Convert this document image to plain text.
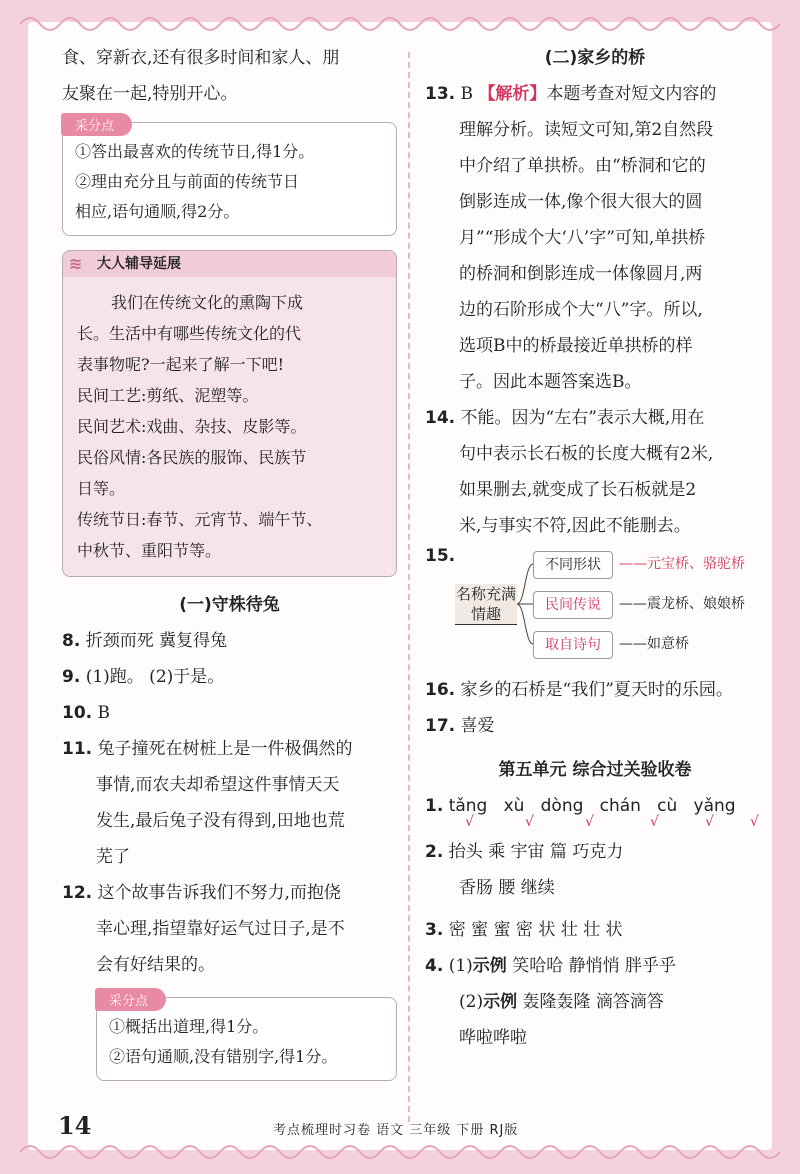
食、穿新衣,还有很多时间和家人、朋
友聚在一起,特别开心。
采分点
①答出最喜欢的传统节日,得1分。
②理由充分且与前面的传统节日
相应,语句通顺,得2分。
≋ 大人辅导延展
我们在传统文化的熏陶下成
长。生活中有哪些传统文化的代
表事物呢?一起来了解一下吧!
民间工艺:剪纸、泥塑等。
民间艺术:戏曲、杂技、皮影等。
民俗风情:各民族的服饰、民族节
日等。
传统节日:春节、元宵节、端午节、
中秋节、重阳节等。
(一)守株待兔
8. 折颈而死 冀复得兔
9. (1)跑。 (2)于是。
10. B
11. 兔子撞死在树桩上是一件极偶然的
事情,而农夫却希望这件事情天天
发生,最后兔子没有得到,田地也荒
芜了
12. 这个故事告诉我们不努力,而抱侥
幸心理,指望靠好运气过日子,是不
会有好结果的。
采分点
①概括出道理,得1分。
②语句通顺,没有错别字,得1分。
(二)家乡的桥
13. B 【解析】本题考查对短文内容的
理解分析。读短文可知,第2自然段
中介绍了单拱桥。由“桥洞和它的
倒影连成一体,像个很大很大的圆
月”“形成个大‘八’字”可知,单拱桥
的桥洞和倒影连成一体像圆月,两
边的石阶形成个大“八”字。所以,
选项B中的桥最接近单拱桥的样
子。因此本题答案选B。
14. 不能。因为“左右”表示大概,用在
句中表示长石板的长度大概有2米,
如果删去,就变成了长石板就是2
米,与事实不符,因此不能删去。
15.
名称充满情趣
不同形状	——元宝桥、骆驼桥
民间传说	——震龙桥、娘娘桥
取自诗句	——如意桥
16. 家乡的石桥是“我们”夏天时的乐园。
17. 喜爱
第五单元 综合过关验收卷
1. tǎng xù dòng chán cù yǎng
√	√	√	√	√	√
2. 抬头 乘 宇宙 篇 巧克力
香肠 腰 继续
3. 密 蜜 蜜 密 状 壮 壮 状
4. (1)示例 笑哈哈 静悄悄 胖乎乎
(2)示例 轰隆轰隆 滴答滴答
哗啦哗啦
14	考点梳理时习卷 语文 三年级 下册 RJ版
